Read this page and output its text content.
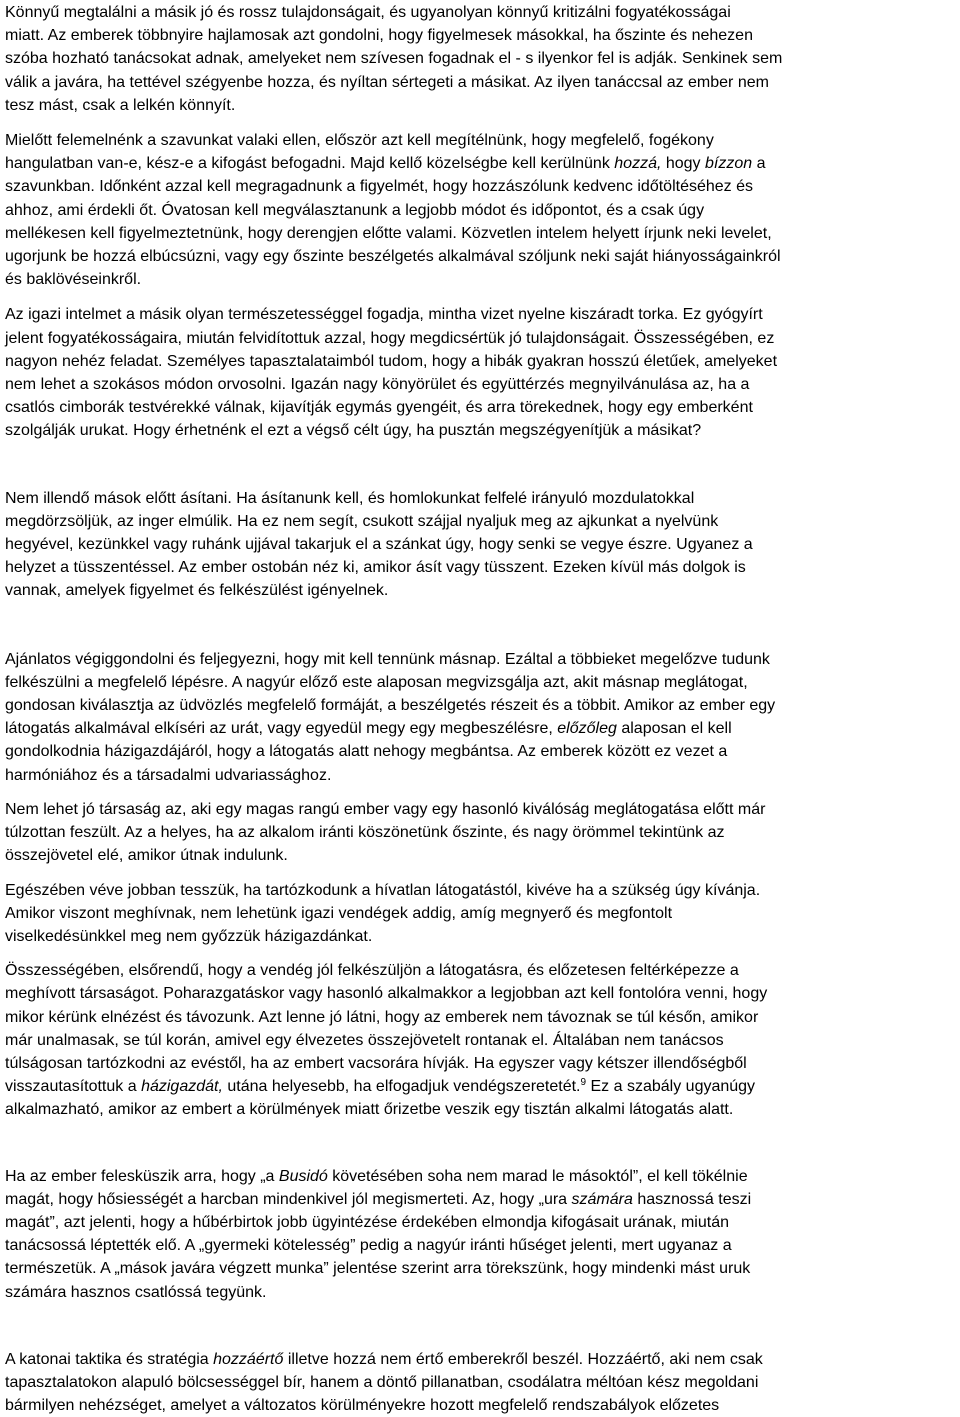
Könnyű megtalálni a másik jó és rossz tulajdonságait, és ugyanolyan könnyű kritizálni fogyatékosságai
miatt. Az emberek többnyire hajlamosak azt gondolni, hogy figyelmesek másokkal, ha őszinte és nehezen
szóba hozható tanácsokat adnak, amelyeket nem szívesen fogadnak el - s ilyenkor fel is adják. Senkinek sem
válik a javára, ha tettével szégyenbe hozza, és nyíltan sértegeti a másikat. Az ilyen tanáccsal az ember nem
tesz mást, csak a lelkén könnyít.

Mielőtt felemelnénk a szavunkat valaki ellen, először azt kell megítélnünk, hogy megfelelő, fogékony
hangulatban van-e, kész-e a kifogást befogadni. Majd kellő közelségbe kell kerülnünk hozzá, hogy bízzon a
szavunkban. Időnként azzal kell megragadnunk a figyelmét, hogy hozzászólunk kedvenc időtöltéséhez és
ahhoz, ami érdekli őt. Óvatosan kell megválasztanunk a legjobb módot és időpontot, és a csak úgy
mellékesen kell figyelmeztetnünk, hogy derengjen előtte valami. Közvetlen intelem helyett írjunk neki levelet,
ugorjunk be hozzá elbúcsúzni, vagy egy őszinte beszélgetés alkalmával szóljunk neki saját hiányosságainkról
és baklövéseinkről.

Az igazi intelmet a másik olyan természetességgel fogadja, mintha vizet nyelne kiszáradt torka. Ez gyógyírt
jelent fogyatékosságaira, miután felvidítottuk azzal, hogy megdicsértük jó tulajdonságait. Összességében, ez
nagyon nehéz feladat. Személyes tapasztalataimból tudom, hogy a hibák gyakran hosszú életűek, amelyeket
nem lehet a szokásos módon orvosolni. Igazán nagy könyörület és együttérzés megnyilvánulása az, ha a
csatlós cimborák testvérekké válnak, kijavítják egymás gyengéit, és arra törekednek, hogy egy emberként
szolgálják urukat. Hogy érhetnénk el ezt a végső célt úgy, ha pusztán megszégyenítjük a másikat?

Nem illendő mások előtt ásítani. Ha ásítanunk kell, és homlokunkat felfelé irányuló mozdulatokkal
megdörzsöljük, az inger elmúlik. Ha ez nem segít, csukott szájjal nyaljuk meg az ajkunkat a nyelvünk
hegyével, kezünkkel vagy ruhánk ujjával takarjuk el a szánkat úgy, hogy senki se vegye észre. Ugyanez a
helyzet a tüsszentéssel. Az ember ostobán néz ki, amikor ásít vagy tüsszent. Ezeken kívül más dolgok is
vannak, amelyek figyelmet és felkészülést igényelnek.

Ajánlatos végiggondolni és feljegyezni, hogy mit kell tennünk másnap. Ezáltal a többieket megelőzve tudunk
felkészülni a megfelelő lépésre. A nagyúr előző este alaposan megvizsgálja azt, akit másnap meglátogat,
gondosan kiválasztja az üdvözlés megfelelő formáját, a beszélgetés részeit és a többit. Amikor az ember egy
látogatás alkalmával elkíséri az urát, vagy egyedül megy egy megbeszélésre, előzőleg alaposan el kell
gondolkodnia házigazdájáról, hogy a látogatás alatt nehogy megbántsa. Az emberek között ez vezet a
harmóniához és a társadalmi udvariassághoz.

Nem lehet jó társaság az, aki egy magas rangú ember vagy egy hasonló kiválóság meglátogatása előtt már
túlzottan feszült. Az a helyes, ha az alkalom iránti köszönetünk őszinte, és nagy örömmel tekintünk az
összejövetel elé, amikor útnak indulunk.

Egészében véve jobban tesszük, ha tartózkodunk a hívatlan látogatástól, kivéve ha a szükség úgy kívánja.
Amikor viszont meghívnak, nem lehetünk igazi vendégek addig, amíg megnyerő és megfontolt
viselkedésünkkel meg nem győzzük házigazdánkat.

Összességében, elsőrendű, hogy a vendég jól felkészüljön a látogatásra, és előzetesen feltérképezze a
meghívott társaságot. Poharazgatáskor vagy hasonló alkalmakkor a legjobban azt kell fontolóra venni, hogy
mikor kérünk elnézést és távozunk. Azt lenne jó látni, hogy az emberek nem távoznak se túl későn, amikor
már unalmasak, se túl korán, amivel egy élvezetes összejövetelt rontanak el. Általában nem tanácsos
túlságosan tartózkodni az evéstől, ha az embert vacsorára hívják. Ha egyszer vagy kétszer illendőségből
visszautasítottuk a házigazdát, utána helyesebb, ha elfogadjuk vendégszeretetét.$^9$ Ez a szabály ugyanúgy
alkalmazható, amikor az embert a körülmények miatt őrizetbe veszik egy tisztán alkalmi látogatás alatt.

Ha az ember felesküszik arra, hogy „a Busidó követésében soha nem marad le másoktól”, el kell tökélnie
magát, hogy hősiességét a harcban mindenkivel jól megismerteti. Az, hogy „ura számára hasznossá teszi
magát”, azt jelenti, hogy a hűbérbirtok jobb ügyintézése érdekében elmondja kifogásait urának, miután
tanácsossá léptették elő. A „gyermeki kötelesség” pedig a nagyúr iránti hűséget jelenti, mert ugyanaz a
természetük. A „mások javára végzett munka” jelentése szerint arra törekszünk, hogy mindenki mást uruk
számára hasznos csatlóssá tegyünk.

A katonai taktika és stratégia hozzáértő illetve hozzá nem értő emberekről beszél. Hozzáértő, aki nem csak
tapasztalatokon alapuló bölcsességgel bír, hanem a döntő pillanatban, csodálatra méltóan kész megoldani
bármilyen nehézséget, amelyet a változatos körülményekre hozott megfelelő rendszabályok előzetes
